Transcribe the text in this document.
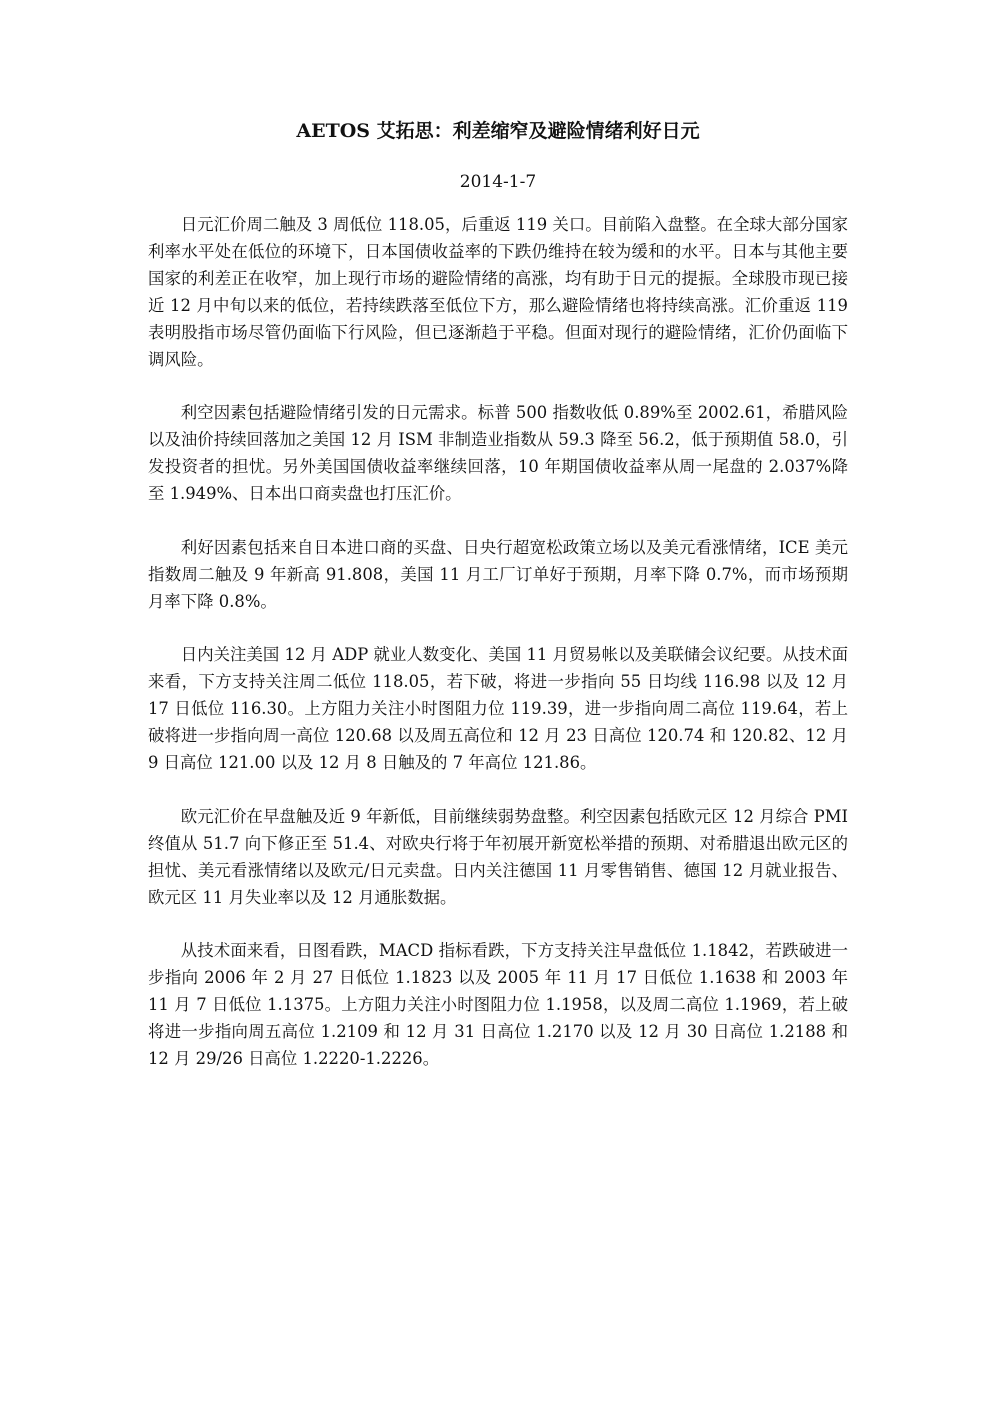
AETOS 艾拓思：利差缩窄及避险情绪利好日元
2014-1-7

日元汇价周二触及 3 周低位 118.05，后重返 119 关口。目前陷入盘整。在全球大部分国家利率水平处在低位的环境下，日本国债收益率的下跌仍维持在较为缓和的水平。日本与其他主要国家的利差正在收窄，加上现行市场的避险情绪的高涨，均有助于日元的提振。全球股市现已接近 12 月中旬以来的低位，若持续跌落至低位下方，那么避险情绪也将持续高涨。汇价重返 119 表明股指市场尽管仍面临下行风险，但已逐渐趋于平稳。但面对现行的避险情绪，汇价仍面临下调风险。

利空因素包括避险情绪引发的日元需求。标普 500 指数收低 0.89%至 2002.61，希腊风险以及油价持续回落加之美国 12 月 ISM 非制造业指数从 59.3 降至 56.2，低于预期值 58.0，引发投资者的担忧。另外美国国债收益率继续回落，10 年期国债收益率从周一尾盘的 2.037%降至 1.949%、日本出口商卖盘也打压汇价。

利好因素包括来自日本进口商的买盘、日央行超宽松政策立场以及美元看涨情绪，ICE 美元指数周二触及 9 年新高 91.808，美国 11 月工厂订单好于预期，月率下降 0.7%，而市场预期月率下降 0.8%。

日内关注美国 12 月 ADP 就业人数变化、美国 11 月贸易帐以及美联储会议纪要。从技术面来看，下方支持关注周二低位 118.05，若下破，将进一步指向 55 日均线 116.98 以及 12 月 17 日低位 116.30。上方阻力关注小时图阻力位 119.39，进一步指向周二高位 119.64，若上破将进一步指向周一高位 120.68 以及周五高位和 12 月 23 日高位 120.74 和 120.82、12 月 9 日高位 121.00 以及 12 月 8 日触及的 7 年高位 121.86。

欧元汇价在早盘触及近 9 年新低，目前继续弱势盘整。利空因素包括欧元区 12 月综合 PMI 终值从 51.7 向下修正至 51.4、对欧央行将于年初展开新宽松举措的预期、对希腊退出欧元区的担忧、美元看涨情绪以及欧元/日元卖盘。日内关注德国 11 月零售销售、德国 12 月就业报告、欧元区 11 月失业率以及 12 月通胀数据。

从技术面来看，日图看跌，MACD 指标看跌，下方支持关注早盘低位 1.1842，若跌破进一步指向 2006 年 2 月 27 日低位 1.1823 以及 2005 年 11 月 17 日低位 1.1638 和 2003 年 11 月 7 日低位 1.1375。上方阻力关注小时图阻力位 1.1958，以及周二高位 1.1969，若上破将进一步指向周五高位 1.2109 和 12 月 31 日高位 1.2170 以及 12 月 30 日高位 1.2188 和 12 月 29/26 日高位 1.2220-1.2226。
